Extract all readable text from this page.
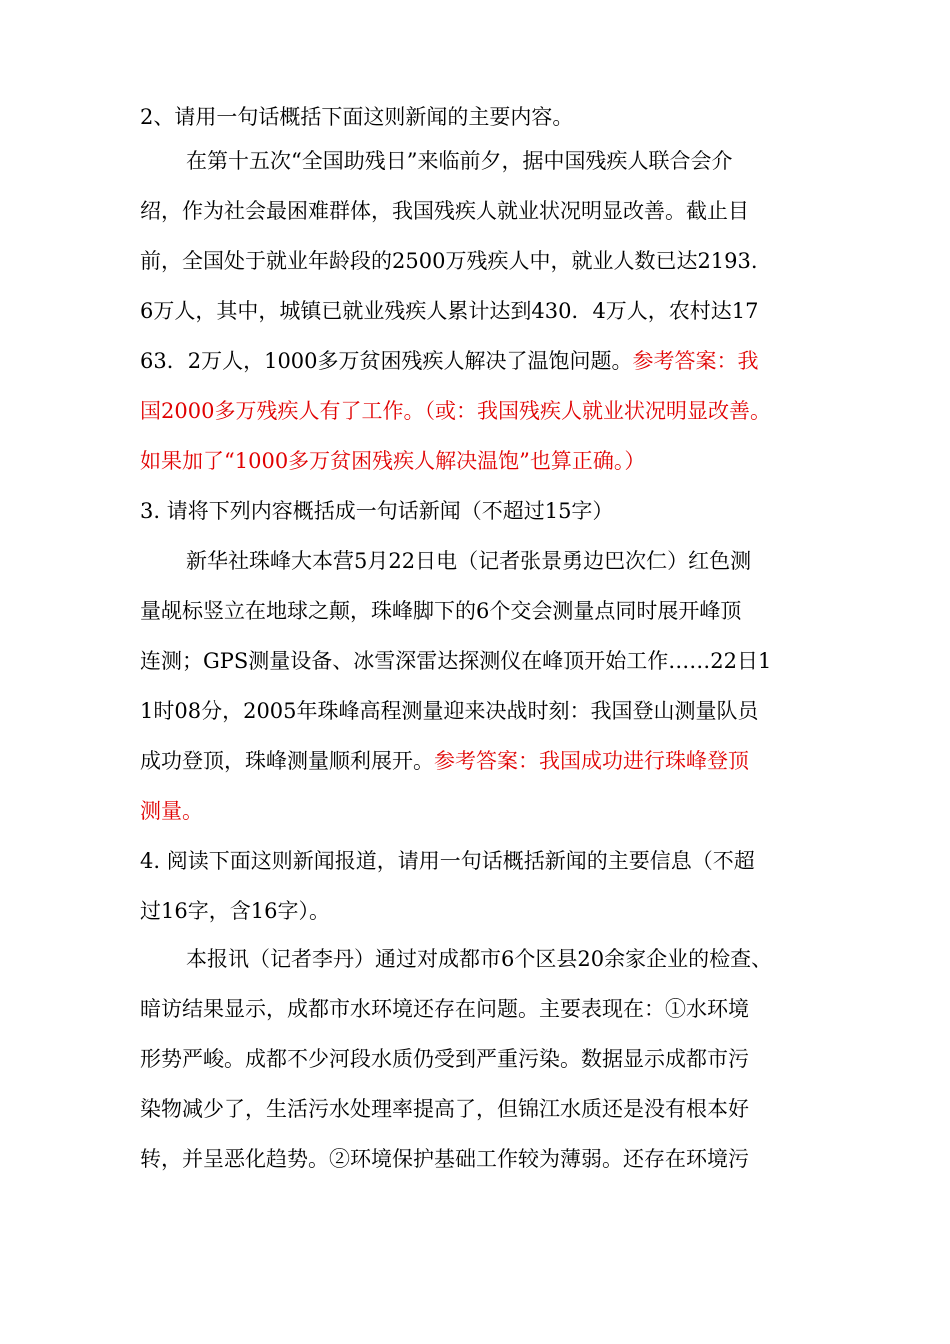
2、请用一句话概括下面这则新闻的主要内容。
在第十五次“全国助残日”来临前夕，据中国残疾人联合会介
绍，作为社会最困难群体，我国残疾人就业状况明显改善。截止目
前，全国处于就业年龄段的2500万残疾人中，就业人数已达2193.
6万人，其中，城镇已就业残疾人累计达到430．4万人，农村达17
63．2万人，1000多万贫困残疾人解决了温饱问题。参考答案：我
国2000多万残疾人有了工作。（或：我国残疾人就业状况明显改善。
如果加了“1000多万贫困残疾人解决温饱”也算正确。）
3. 请将下列内容概括成一句话新闻（不超过15字）
新华社珠峰大本营5月22日电（记者张景勇边巴次仁）红色测
量觇标竖立在地球之颠，珠峰脚下的6个交会测量点同时展开峰顶
连测；GPS测量设备、冰雪深雷达探测仪在峰顶开始工作……22日1
1时08分，2005年珠峰高程测量迎来决战时刻：我国登山测量队员
成功登顶，珠峰测量顺利展开。参考答案：我国成功进行珠峰登顶
测量。
4. 阅读下面这则新闻报道，请用一句话概括新闻的主要信息（不超
过16字，含16字）。
本报讯（记者李丹）通过对成都市6个区县20余家企业的检查、
暗访结果显示，成都市水环境还存在问题。主要表现在：①水环境
形势严峻。成都不少河段水质仍受到严重污染。数据显示成都市污
染物减少了，生活污水处理率提高了，但锦江水质还是没有根本好
转，并呈恶化趋势。②环境保护基础工作较为薄弱。还存在环境污
